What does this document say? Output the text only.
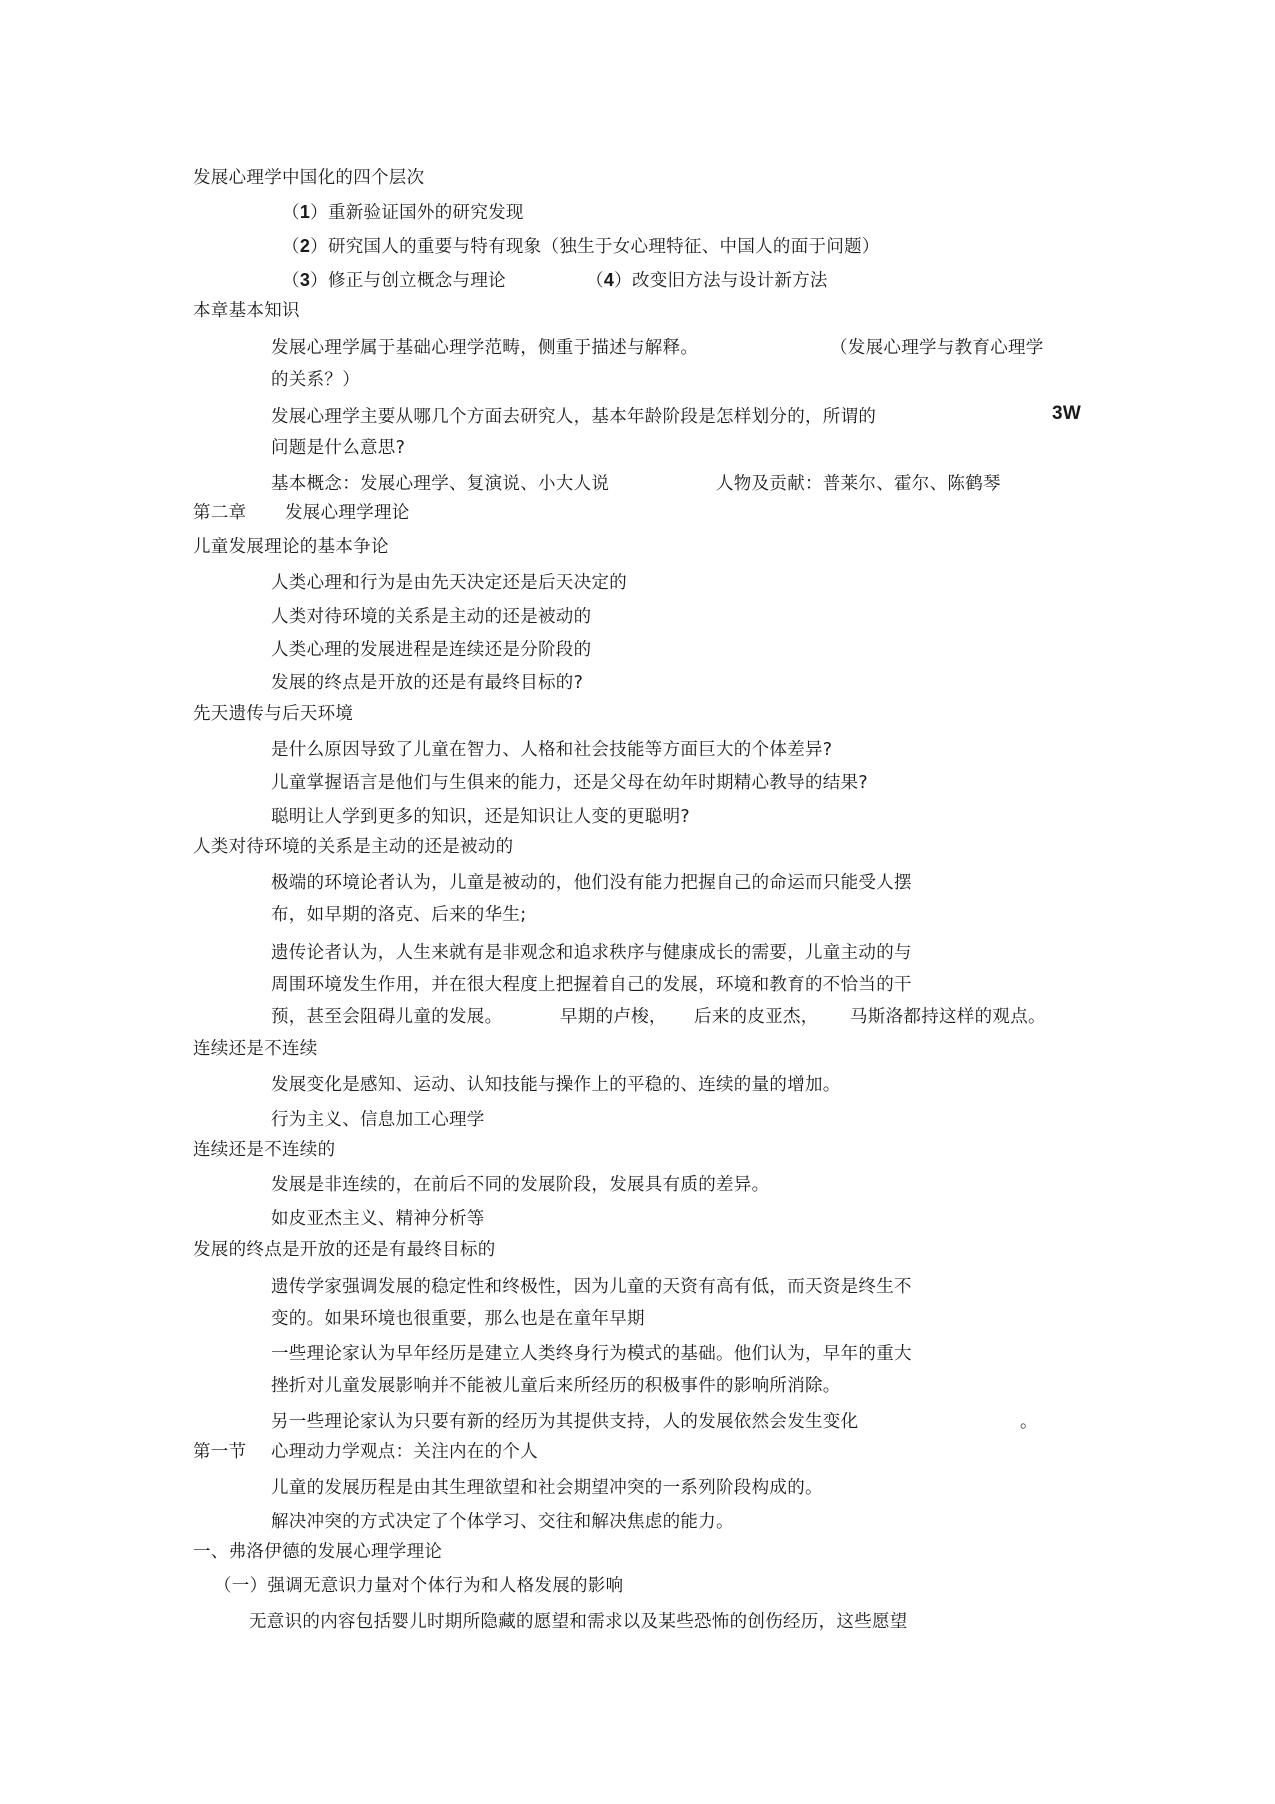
发展心理学中国化的四个层次
（1）重新验证国外的研究发现
（2）研究国人的重要与特有现象（独生于女心理特征、中国人的面于问题）
（3）修正与创立概念与理论	（4）改变旧方法与设计新方法
本章基本知识
发展心理学属于基础心理学范畴，侧重于描述与解释。	（发展心理学与教育心理学
的关系？）
发展心理学主要从哪几个方面去研究人，基本年龄阶段是怎样划分的，所谓的	3W
问题是什么意思?
基本概念：发展心理学、复演说、小大人说	人物及贡献：普莱尔、霍尔、陈鹤琴
第二章 发展心理学理论
儿童发展理论的基本争论
人类心理和行为是由先天决定还是后天决定的
人类对待环境的关系是主动的还是被动的
人类心理的发展进程是连续还是分阶段的
发展的终点是开放的还是有最终目标的?
先天遗传与后天环境
是什么原因导致了儿童在智力、人格和社会技能等方面巨大的个体差异?
儿童掌握语言是他们与生俱来的能力，还是父母在幼年时期精心教导的结果?
聪明让人学到更多的知识，还是知识让人变的更聪明?
人类对待环境的关系是主动的还是被动的
极端的环境论者认为，儿童是被动的，他们没有能力把握自己的命运而只能受人摆
布，如早期的洛克、后来的华生;
遗传论者认为，人生来就有是非观念和追求秩序与健康成长的需要，儿童主动的与
周围环境发生作用，并在很大程度上把握着自己的发展，环境和教育的不恰当的干
预，甚至会阻碍儿童的发展。	早期的卢梭， 后来的皮亚杰， 马斯洛都持这样的观点。
连续还是不连续
发展变化是感知、运动、认知技能与操作上的平稳的、连续的量的增加。
行为主义、信息加工心理学
连续还是不连续的
发展是非连续的，在前后不同的发展阶段，发展具有质的差异。
如皮亚杰主义、精神分析等
发展的终点是开放的还是有最终目标的
遗传学家强调发展的稳定性和终极性，因为儿童的天资有高有低，而天资是终生不
变的。如果环境也很重要，那么也是在童年早期
一些理论家认为早年经历是建立人类终身行为模式的基础。他们认为，早年的重大
挫折对儿童发展影响并不能被儿童后来所经历的积极事件的影响所消除。
另一些理论家认为只要有新的经历为其提供支持，人的发展依然会发生变化	。
第一节 心理动力学观点：关注内在的个人
儿童的发展历程是由其生理欲望和社会期望冲突的一系列阶段构成的。
解决冲突的方式决定了个体学习、交往和解决焦虑的能力。
一、弗洛伊德的发展心理学理论
（一）强调无意识力量对个体行为和人格发展的影响
无意识的内容包括婴儿时期所隐藏的愿望和需求以及某些恐怖的创伤经历，这些愿望
